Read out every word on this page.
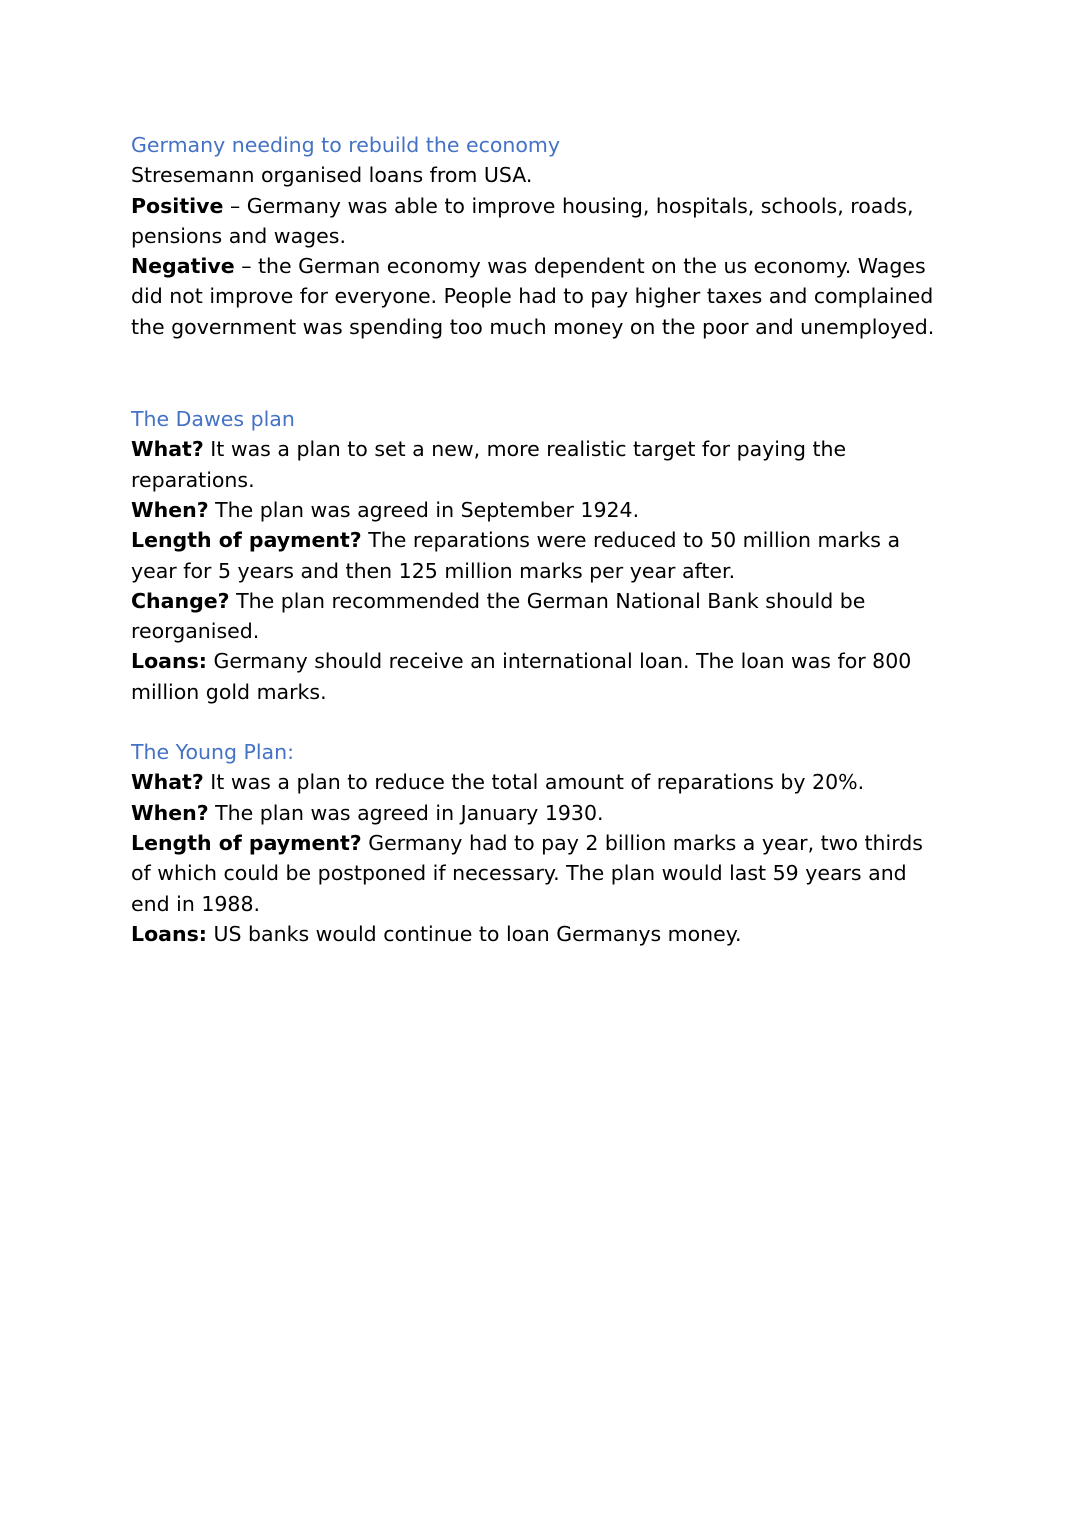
Germany needing to rebuild the economy
Stresemann organised loans from USA.
Positive – Germany was able to improve housing, hospitals, schools, roads, pensions and wages.
Negative – the German economy was dependent on the us economy. Wages did not improve for everyone. People had to pay higher taxes and complained the government was spending too much money on the poor and unemployed.
The Dawes plan
What? It was a plan to set a new, more realistic target for paying the reparations.
When? The plan was agreed in September 1924.
Length of payment? The reparations were reduced to 50 million marks a year for 5 years and then 125 million marks per year after.
Change? The plan recommended the German National Bank should be reorganised.
Loans: Germany should receive an international loan. The loan was for 800 million gold marks.
The Young Plan:
What? It was a plan to reduce the total amount of reparations by 20%.
When? The plan was agreed in January 1930.
Length of payment? Germany had to pay 2 billion marks a year, two thirds of which could be postponed if necessary. The plan would last 59 years and end in 1988.
Loans: US banks would continue to loan Germanys money.
